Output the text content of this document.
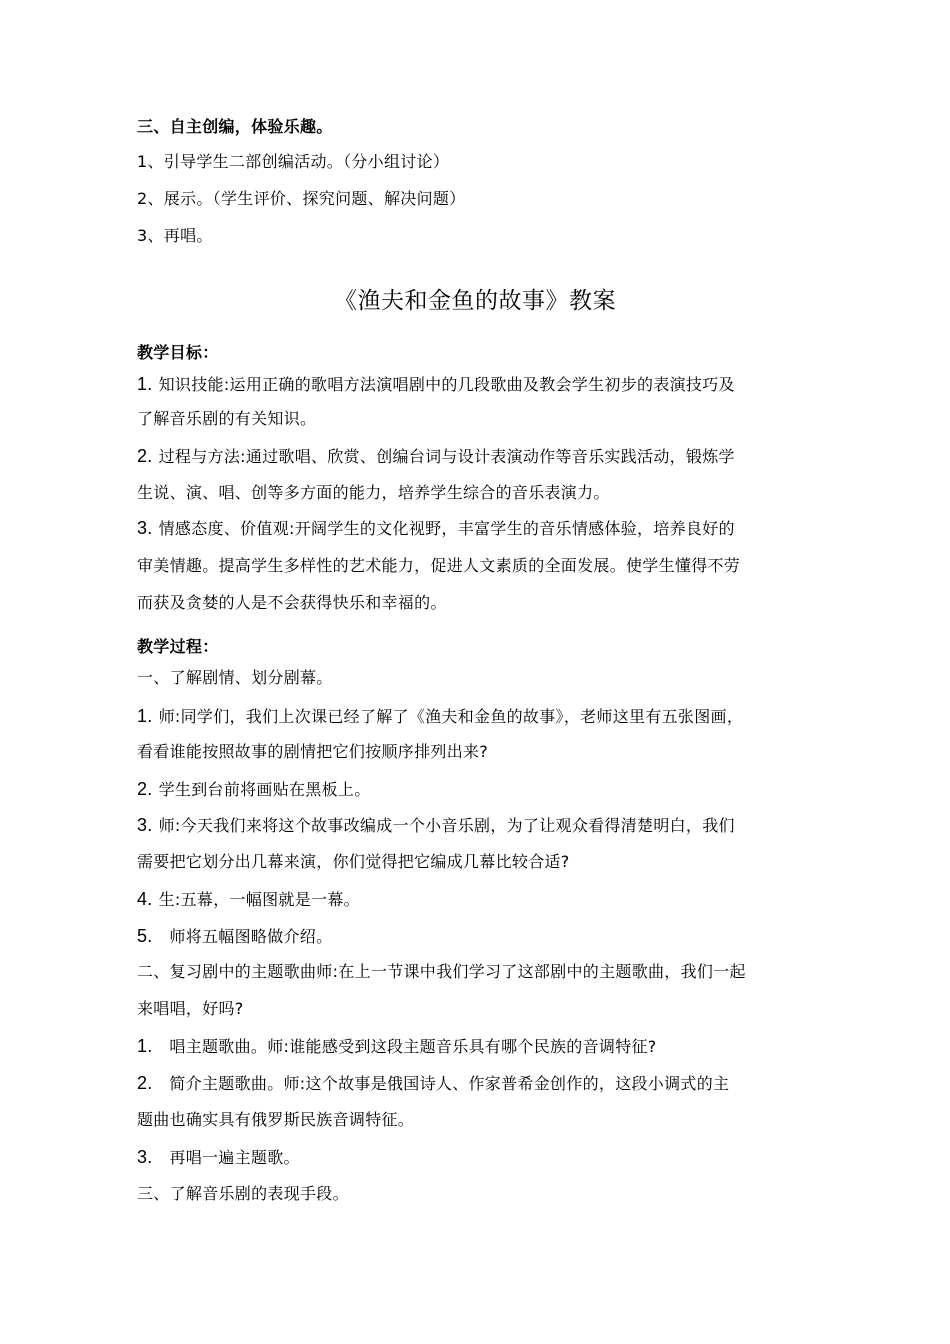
三、自主创编，体验乐趣。
1、引导学生二部创编活动。（分小组讨论）
2、展示。（学生评价、探究问题、解决问题）
3、再唱。
《渔夫和金鱼的故事》教案
教学目标：
1. 知识技能:运用正确的歌唱方法演唱剧中的几段歌曲及教会学生初步的表演技巧及
了解音乐剧的有关知识。
2. 过程与方法:通过歌唱、欣赏、创编台词与设计表演动作等音乐实践活动，锻炼学
生说、演、唱、创等多方面的能力，培养学生综合的音乐表演力。
3. 情感态度、价值观:开阔学生的文化视野，丰富学生的音乐情感体验，培养良好的
审美情趣。提高学生多样性的艺术能力，促进人文素质的全面发展。使学生懂得不劳
而获及贪婪的人是不会获得快乐和幸福的。
教学过程：
一、了解剧情、划分剧幕。
1. 师:同学们，我们上次课已经了解了《渔夫和金鱼的故事》，老师这里有五张图画，
看看谁能按照故事的剧情把它们按顺序排列出来?
2. 学生到台前将画贴在黑板上。
3. 师:今天我们来将这个故事改编成一个小音乐剧，为了让观众看得清楚明白，我们
需要把它划分出几幕来演，你们觉得把它编成几幕比较合适?
4. 生:五幕，一幅图就是一幕。
5.  师将五幅图略做介绍。
二、复习剧中的主题歌曲师:在上一节课中我们学习了这部剧中的主题歌曲，我们一起
来唱唱，好吗?
1.  唱主题歌曲。师:谁能感受到这段主题音乐具有哪个民族的音调特征?
2.  简介主题歌曲。师:这个故事是俄国诗人、作家普希金创作的，这段小调式的主
题曲也确实具有俄罗斯民族音调特征。
3.  再唱一遍主题歌。
三、了解音乐剧的表现手段。
